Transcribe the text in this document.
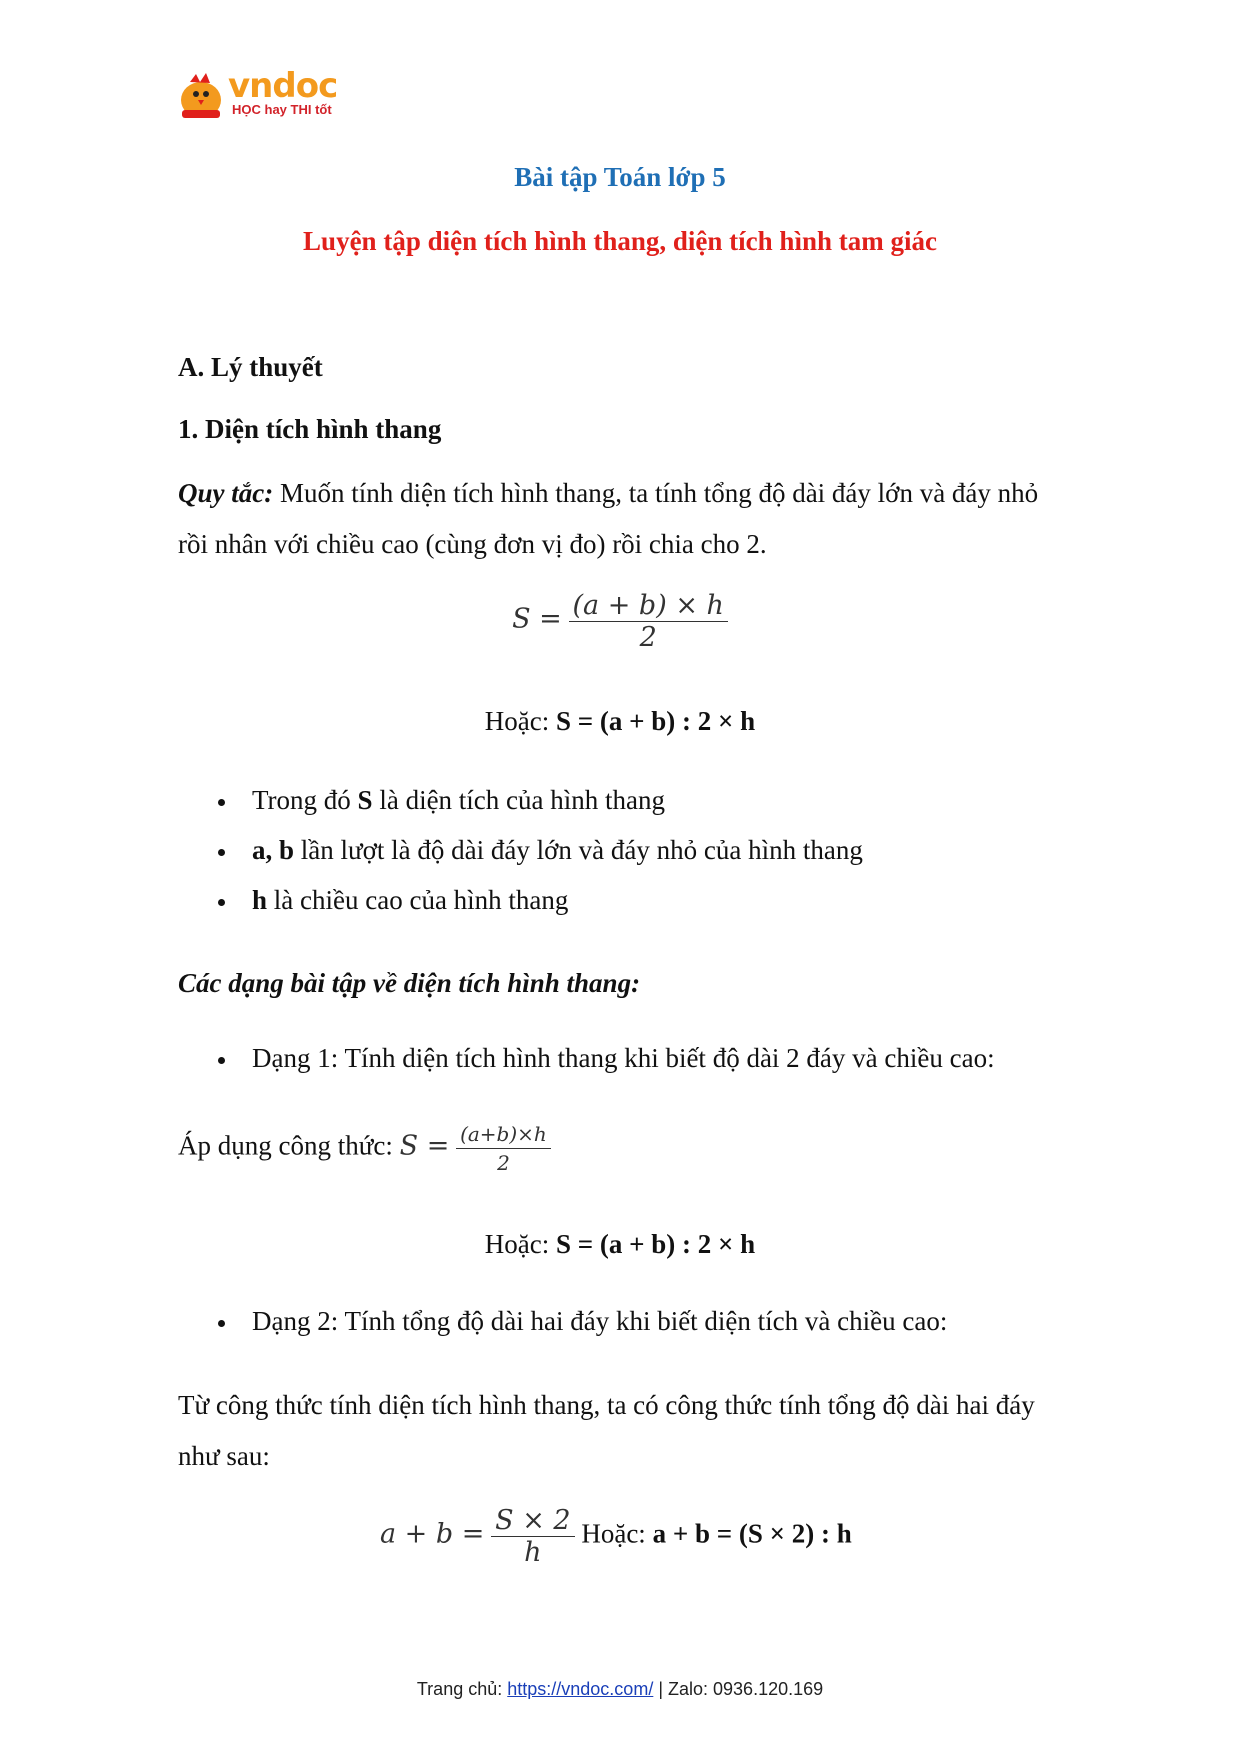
vndoc
HỌC hay THI tốt
Bài tập Toán lớp 5
Luyện tập diện tích hình thang, diện tích hình tam giác
A. Lý thuyết
1. Diện tích hình thang
Quy tắc: Muốn tính diện tích hình thang, ta tính tổng độ dài đáy lớn và đáy nhỏ rồi nhân với chiều cao (cùng đơn vị đo) rồi chia cho 2.
$S = \frac{(a + b) \times h}{2}$
Hoặc: S = (a + b) : 2 × h
Trong đó S là diện tích của hình thang
a, b lần lượt là độ dài đáy lớn và đáy nhỏ của hình thang
h là chiều cao của hình thang
Các dạng bài tập về diện tích hình thang:
Dạng 1: Tính diện tích hình thang khi biết độ dài 2 đáy và chiều cao:
Áp dụng công thức: $S = \frac{(a+b)\times h}{2}$
Hoặc: S = (a + b) : 2 × h
Dạng 2: Tính tổng độ dài hai đáy khi biết diện tích và chiều cao:
Từ công thức tính diện tích hình thang, ta có công thức tính tổng độ dài hai đáy như sau:
$a + b = \frac{S \times 2}{h}$ Hoặc: a + b = (S × 2) : h
Trang chủ: https://vndoc.com/ | Zalo: 0936.120.169
